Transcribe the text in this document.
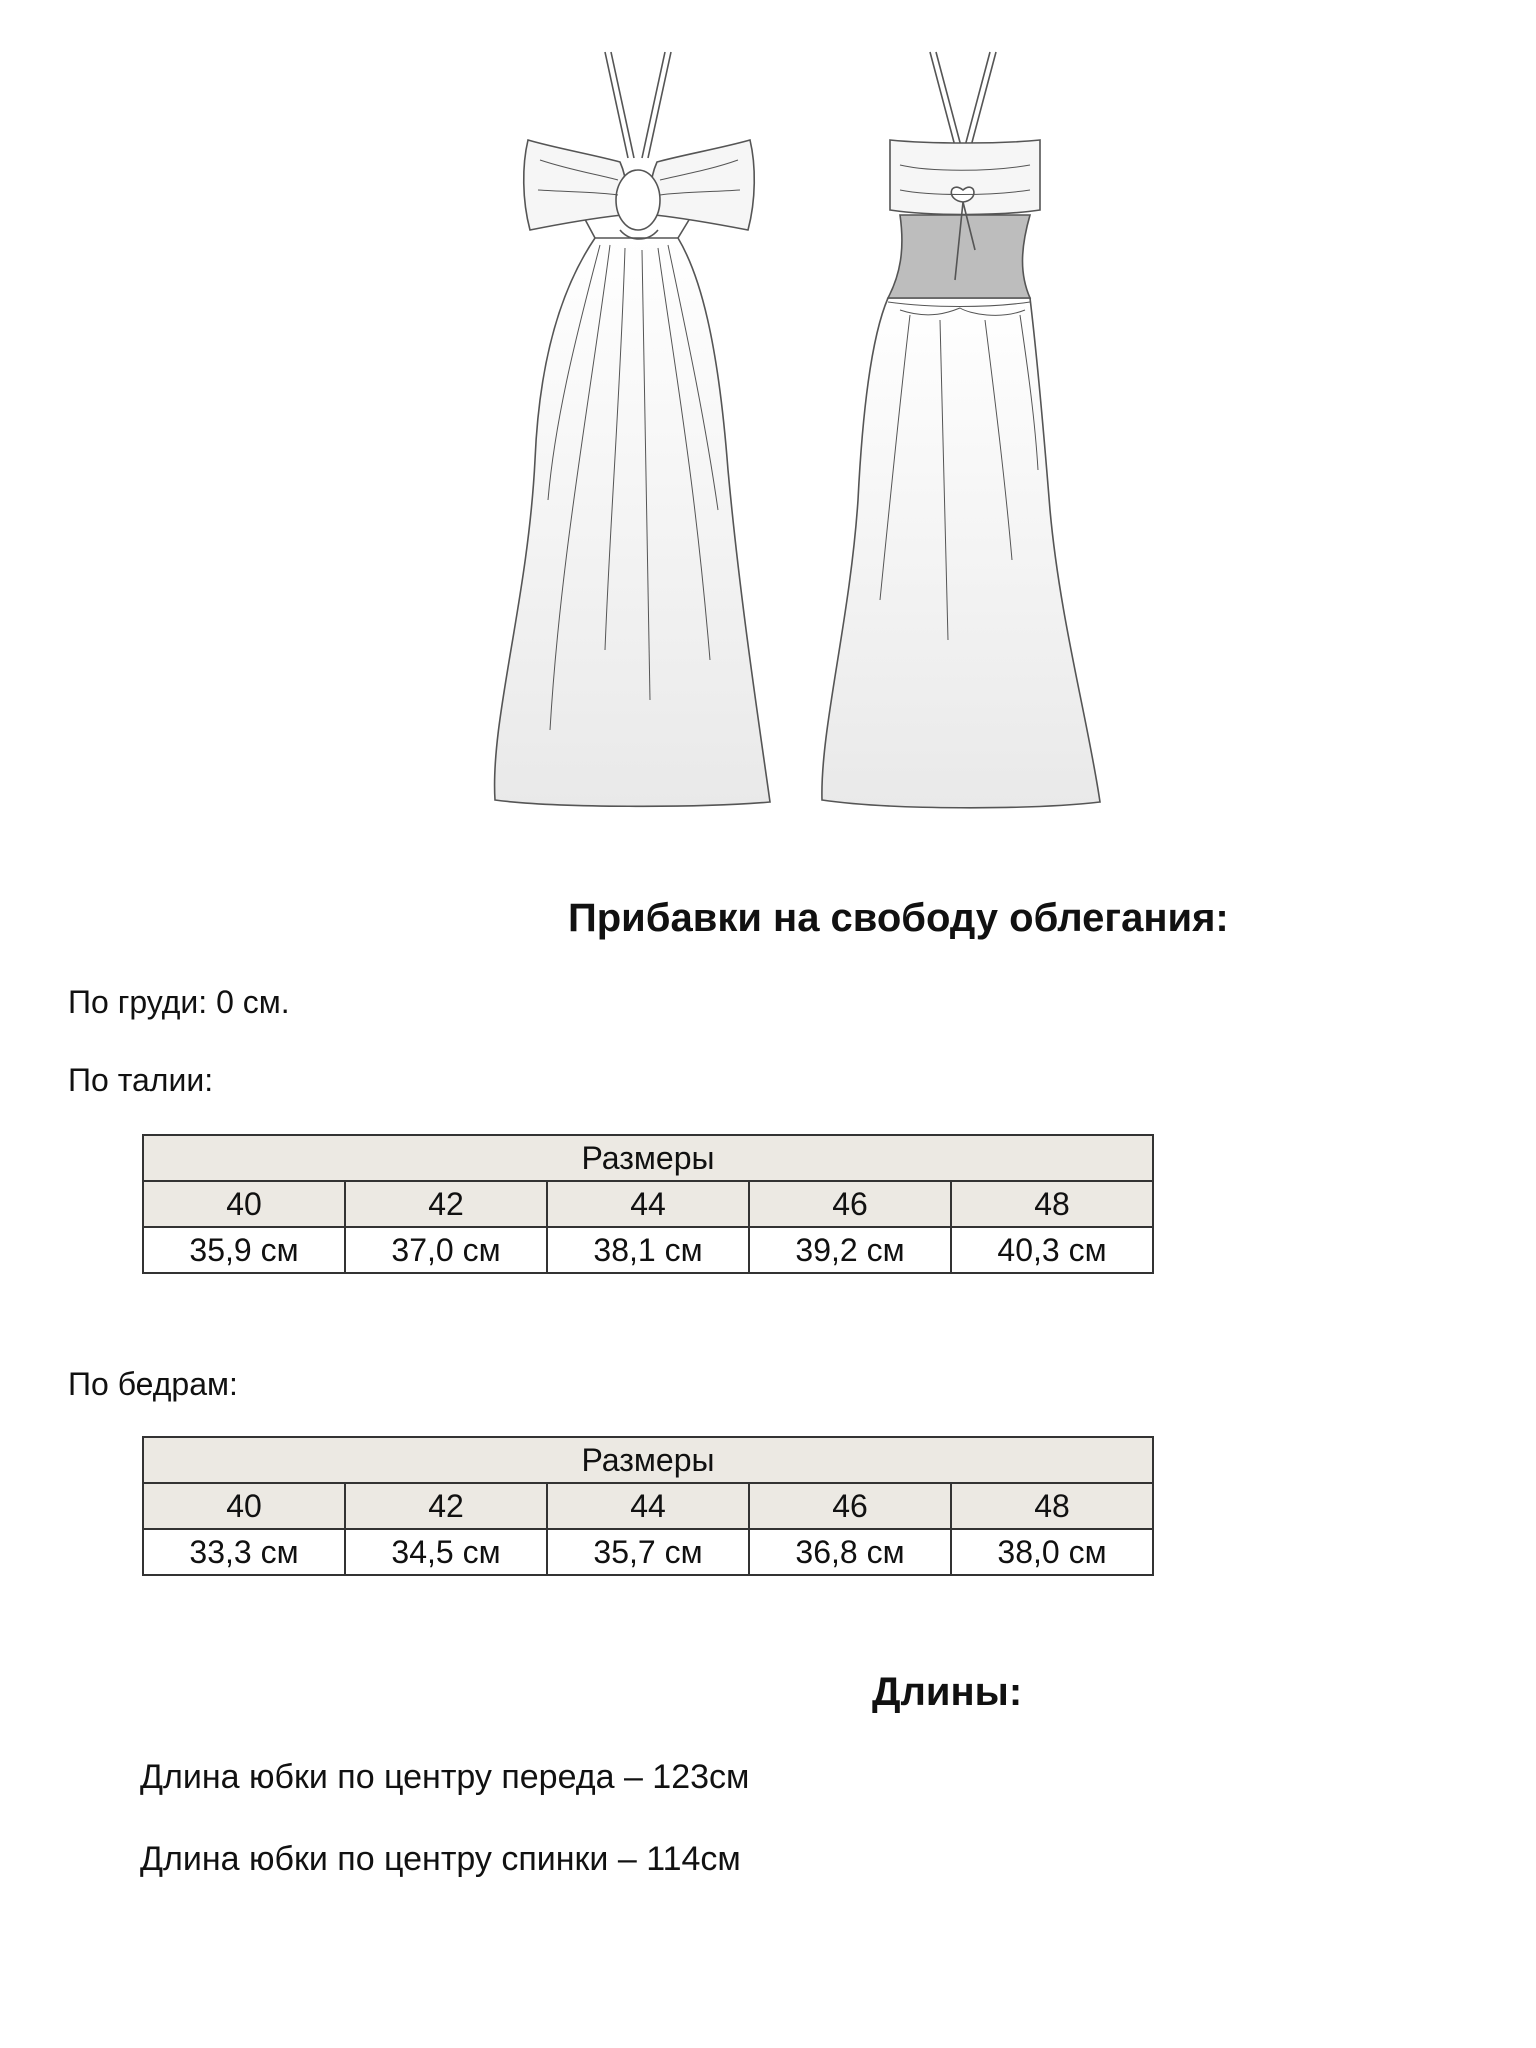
Прибавки на свободу облегания:

По груди: 0 см.

По талии:

Размеры				
40	42	44	46	48
35,9 см	37,0 см	38,1 см	39,2 см	40,3 см

По бедрам:

Размеры				
40	42	44	46	48
33,3 см	34,5 см	35,7 см	36,8 см	38,0 см
Длины:

Длина юбки по центру переда – 123см

Длина юбки по центру спинки – 114см
